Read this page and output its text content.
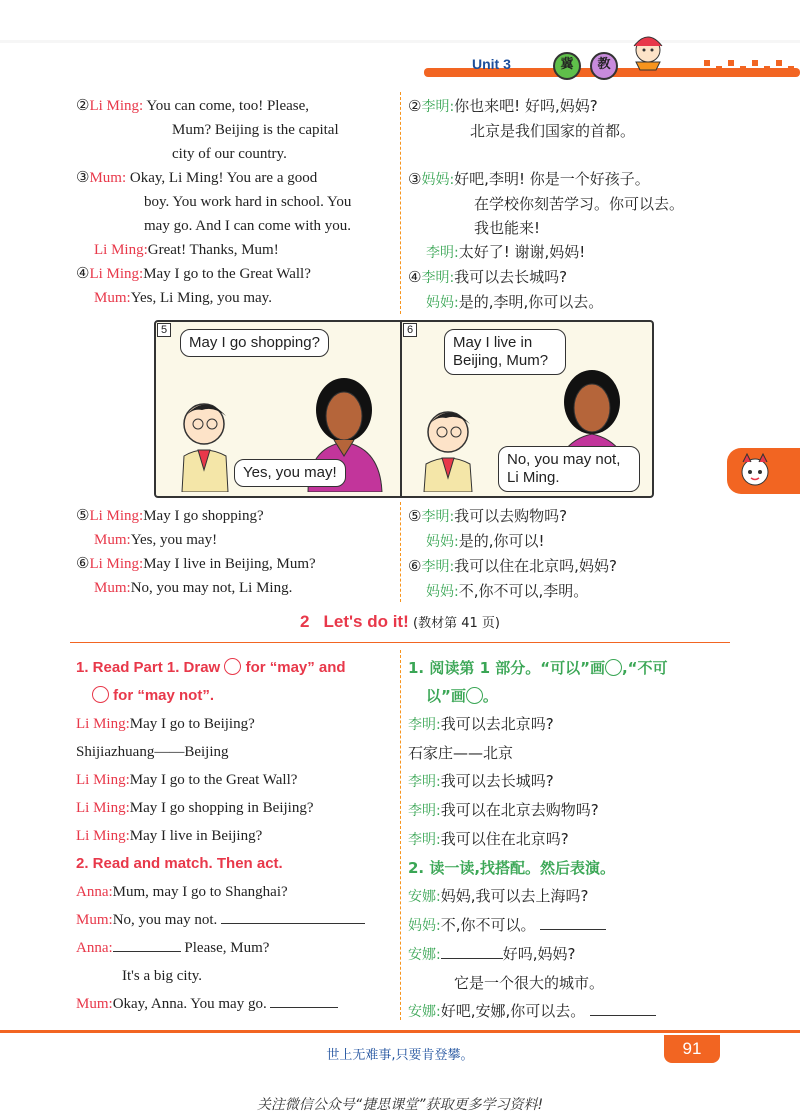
Unit 3	冀	教
②Li Ming: You can come, too! Please,
Mum? Beijing is the capital
city of our country.
③Mum: Okay, Li Ming! You are a good
boy. You work hard in school. You
may go. And I can come with you.
Li Ming:Great! Thanks, Mum!
④Li Ming:May I go to the Great Wall?
Mum:Yes, Li Ming, you may.
②李明:你也来吧! 好吗,妈妈?
北京是我们国家的首都。
③妈妈:好吧,李明! 你是一个好孩子。
在学校你刻苦学习。你可以去。
我也能来!
李明:太好了! 谢谢,妈妈!
④李明:我可以去长城吗?
妈妈:是的,李明,你可以去。
5	6
May I go shopping?
Yes, you may!
May I live in Beijing, Mum?
No, you may not, Li Ming.
⑤Li Ming:May I go shopping?
Mum:Yes, you may!
⑥Li Ming:May I live in Beijing, Mum?
Mum:No, you may not, Li Ming.
⑤李明:我可以去购物吗?
妈妈:是的,你可以!
⑥李明:我可以住在北京吗,妈妈?
妈妈:不,你不可以,李明。
2 Let's do it! (教材第 41 页)
1. Read Part 1. Draw for “may” and
for “may not”.
Li Ming:May I go to Beijing?
Shijiazhuang——Beijing
Li Ming:May I go to the Great Wall?
Li Ming:May I go shopping in Beijing?
Li Ming:May I live in Beijing?
2. Read and match. Then act.
Anna:Mum, may I go to Shanghai?
Mum:No, you may not.
Anna:	Please, Mum?
It's a big city.
Mum:Okay, Anna. You may go.
1. 阅读第 1 部分。“可以”画 ,“不可
以”画 。
李明:我可以去北京吗?
石家庄——北京
李明:我可以去长城吗?
李明:我可以在北京去购物吗?
李明:我可以住在北京吗?
2. 读一读,找搭配。然后表演。
安娜:妈妈,我可以去上海吗?
妈妈:不,你不可以。
安娜:	好吗,妈妈?
它是一个很大的城市。
安娜:好吧,安娜,你可以去。
世上无难事,只要肯登攀。	91
关注微信公众号“捷思课堂”获取更多学习资料!
